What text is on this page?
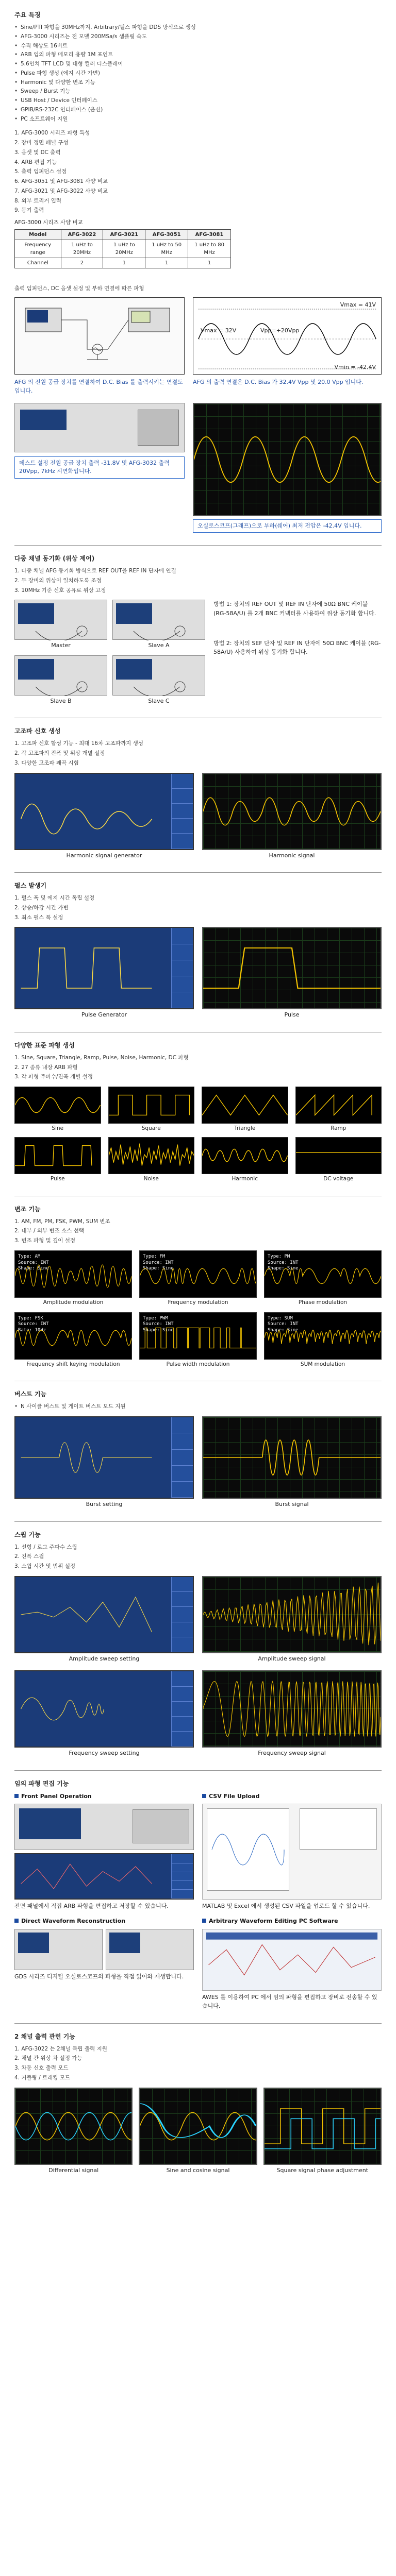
주요 특징
• Sine/PTI 파형을 30MHz까지, Arbitrary/펄스 파형을 DDS 방식으로 생성
• AFG-3000 시리즈는 전 모델 200MSa/s 샘플링 속도
• 수직 해상도 16비트
• ARB 임의 파형 메모리 용량 1M 포인트
• 5.6인치 TFT LCD 및 대형 컬러 디스플레이
• Pulse 파형 생성 (에지 시간 가변)
• Harmonic 및 다양한 변조 기능
• Sweep / Burst 기능
• USB Host / Device 인터페이스
• GPIB/RS-232C 인터페이스 (옵션)
• PC 소프트웨어 지원
1. AFG-3000 시리즈 파형 특성
2. 장비 정면 패널 구성
3. 옵셋 및 DC 출력
4. ARB 편집 기능
5. 출력 임피던스 설정
6. AFG-3051 및 AFG-3081 사양 비교
7. AFG-3021 및 AFG-3022 사양 비교
8. 외부 트리거 입력
9. 동기 출력
AFG-3000 시리즈 사양 비교
Model	AFG-3022	AFG-3021	AFG-3051	AFG-3081
Frequency range	1 uHz to 20MHz	1 uHz to 20MHz	1 uHz to 50 MHz	1 uHz to 80 MHz
Channel	2	1	1	1
출력 임피던스, DC 옵셋 설정 및 부하 연결에 따른 파형
AFG 의 전원 공급 장치를 연결하여 D.C. Bias 를 출력시키는 연결도입니다.
Vmax = 32V	Vpp=+20Vpp
Vmax = 41V
Vmin = -42.4V
AFG 의 출력 연결은 D.C. Bias 가 32.4V Vpp 및 20.0 Vpp 입니다.
데스트 설정 전원 공급 장치 출력 -31.8V 및 AFG-3032 출력 20Vpp, 7kHz 시연화입니다.
오실로스코프(그래프)으로 부하(쉐어) 최저 전압은 -42.4V 입니다.
다중 채널 동기화 (위상 제어)
1. 다중 채널 AFG 동기화 방식으로 REF OUT을 REF IN 단자에 연결
2. 두 장비의 위상이 일치하도록 조정
3. 10MHz 기준 신호 공유로 위상 고정
Master	Slave A
Slave B	Slave C
방법 1: 장치의 REF OUT 및 REF IN 단자에 50Ω BNC 케이블 (RG-58A/U) 를 2개 BNC 커넥터를 사용하여 위상 동기화 합니다.
방법 2: 장치의 SEF 단자 및 REF IN 단자에 50Ω BNC 케이블 (RG-58A/U) 사용하여 위상 동기화 합니다.
고조파 신호 생성
1. 고조파 신호 합성 기능 - 최대 16차 고조파까지 생성
2. 각 고조파의 진폭 및 위상 개별 설정
3. 다양한 고조파 왜곡 시험
Harmonic signal generator	Harmonic signal
펄스 발생기
1. 펄스 폭 및 에지 시간 독립 설정
2. 상승/하강 시간 가변
3. 최소 펄스 폭 설정
Pulse Generator	Pulse
다양한 표준 파형 생성
1. Sine, Square, Triangle, Ramp, Pulse, Noise, Harmonic, DC 파형
2. 27 종류 내장 ARB 파형
3. 각 파형 주파수/진폭 개별 설정
Sine	Square	Triangle	Ramp
Pulse	Noise	Harmonic	DC voltage
변조 기능
1. AM, FM, PM, FSK, PWM, SUM 변조
2. 내부 / 외부 변조 소스 선택
3. 변조 파형 및 깊이 설정
Type: AM
Source: INT
Shape: Sine
Amplitude modulation
Type: FM
Source: INT
Shape: Sine
Frequency modulation
Type: PM
Source: INT
Shape: Sine
Phase modulation
Type: FSK
Source: INT
Rate: 10Hz
Frequency shift keying modulation
Type: PWM
Source: INT
Shape: Sine
Pulse width modulation
Type: SUM
Source: INT
Shape: Sine
SUM modulation
버스트 기능
• N 사이클 버스트 및 게이트 버스트 모드 지원
Burst setting	Burst signal
스윕 기능
1. 선형 / 로그 주파수 스윕
2. 진폭 스윕
3. 스윕 시간 및 범위 설정
Amplitude sweep setting	Amplitude sweep signal
Frequency sweep setting	Frequency sweep signal
임의 파형 편집 기능
Front Panel Operation
전면 패널에서 직접 ARB 파형을 편집하고 저장할 수 있습니다.
CSV File Upload
MATLAB 및 Excel 에서 생성된 CSV 파일을 업로드 할 수 있습니다.
Direct Waveform Reconstruction
GDS 시리즈 디지털 오실로스코프의 파형을 직접 읽어와 재생합니다.
Arbitrary Waveform Editing PC Software
AWES 를 이용하여 PC 에서 임의 파형을 편집하고 장비로 전송할 수 있습니다.
2 채널 출력 관련 기능
1. AFG-3022 는 2채널 독립 출력 지원
2. 채널 간 위상 차 설정 가능
3. 차동 신호 출력 모드
4. 커플링 / 트래킹 모드
Differential signal	Sine and cosine signal	Square signal phase adjustment
